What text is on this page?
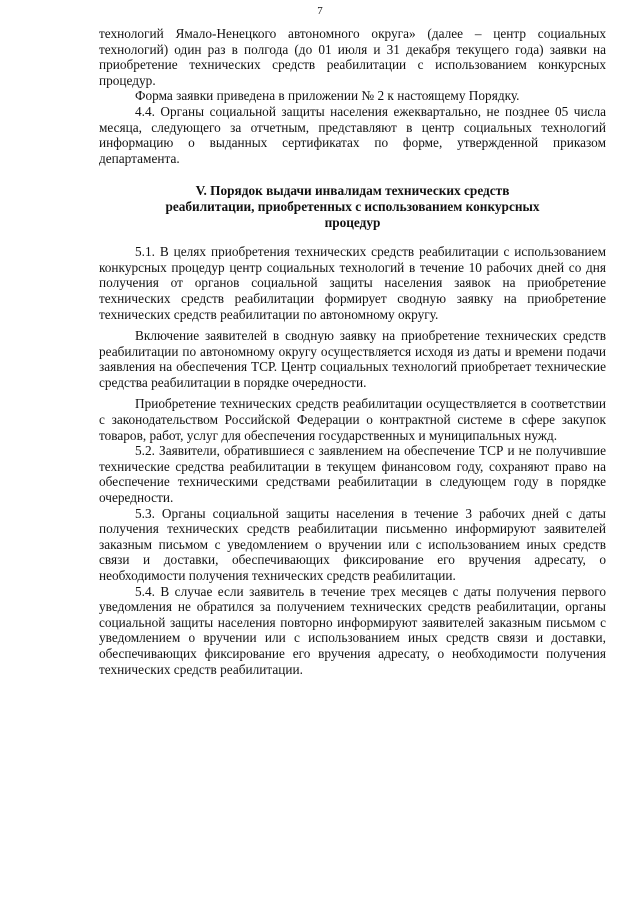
7

технологий Ямало-Ненецкого автономного округа» (далее – центр социальных технологий) один раз в полгода (до 01 июля и 31 декабря текущего года) заявки на приобретение технических средств реабилитации с использованием конкурсных процедур.

Форма заявки приведена в приложении № 2 к настоящему Порядку.

4.4. Органы социальной защиты населения ежеквартально, не позднее 05 числа месяца, следующего за отчетным, представляют в центр социальных технологий информацию о выданных сертификатах по форме, утвержденной приказом департамента.

V. Порядок выдачи инвалидам технических средств реабилитации, приобретенных с использованием конкурсных процедур

5.1. В целях приобретения технических средств реабилитации с использованием конкурсных процедур центр социальных технологий в течение 10 рабочих дней со дня получения от органов социальной защиты населения заявок на приобретение технических средств реабилитации формирует сводную заявку на приобретение технических средств реабилитации по автономному округу.

Включение заявителей в сводную заявку на приобретение технических средств реабилитации по автономному округу осуществляется исходя из даты и времени подачи заявления на обеспечения ТСР. Центр социальных технологий приобретает технические средства реабилитации в порядке очередности.

Приобретение технических средств реабилитации осуществляется в соответствии с законодательством Российской Федерации о контрактной системе в сфере закупок товаров, работ, услуг для обеспечения государственных и муниципальных нужд.

5.2. Заявители, обратившиеся с заявлением на обеспечение ТСР и не получившие технические средства реабилитации в текущем финансовом году, сохраняют право на обеспечение техническими средствами реабилитации в следующем году в порядке очередности.

5.3. Органы социальной защиты населения в течение 3 рабочих дней с даты получения технических средств реабилитации письменно информируют заявителей заказным письмом с уведомлением о вручении или с использованием иных средств связи и доставки, обеспечивающих фиксирование его вручения адресату, о необходимости получения технических средств реабилитации.

5.4. В случае если заявитель в течение трех месяцев с даты получения первого уведомления не обратился за получением технических средств реабилитации, органы социальной защиты населения повторно информируют заявителей заказным письмом с уведомлением о вручении или с использованием иных средств связи и доставки, обеспечивающих фиксирование его вручения адресату, о необходимости получения технических средств реабилитации.
